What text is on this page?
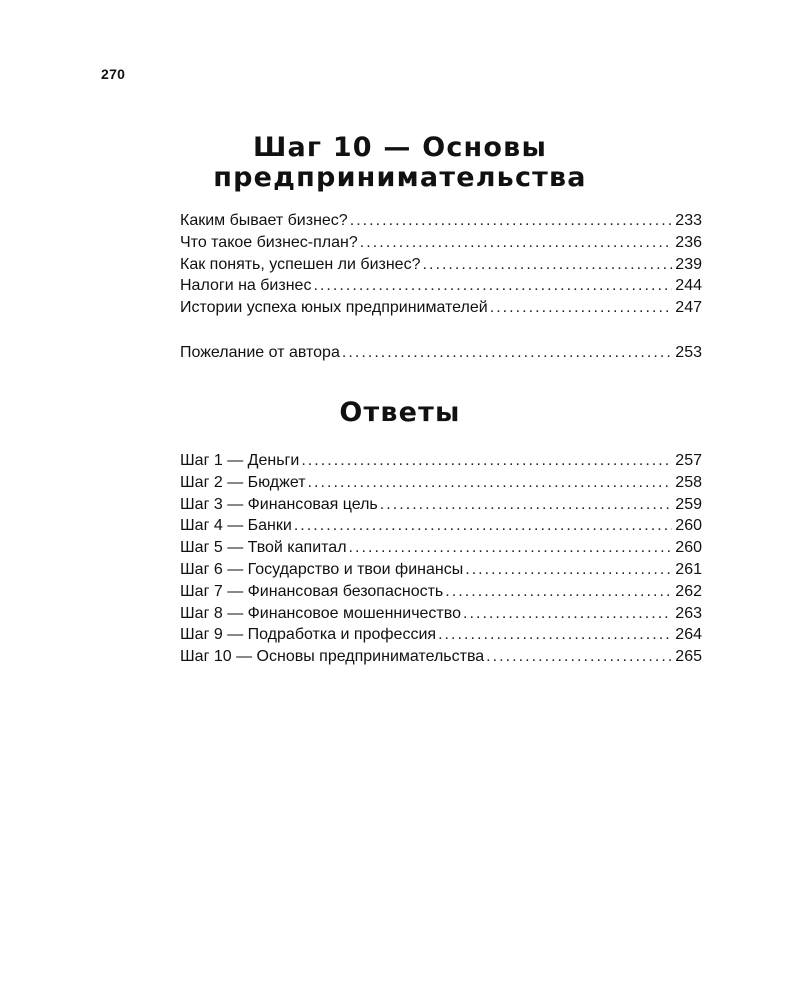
270
Шаг 10 — Основы
предпринимательства
Каким бывает бизнес? . . .	233
Что такое бизнес-план? . . .	236
Как понять, успешен ли бизнес? . . .	239
Налоги на бизнес . . .	244
Истории успеха юных предпринимателей . . .	247
Пожелание от автора . . .	253
Ответы
Шаг 1 — Деньги . . .	257
Шаг 2 — Бюджет . . .	258
Шаг 3 — Финансовая цель . . .	259
Шаг 4 — Банки . . .	260
Шаг 5 — Твой капитал . . .	260
Шаг 6 — Государство и твои финансы . . .	261
Шаг 7 — Финансовая безопасность . . .	262
Шаг 8 — Финансовое мошенничество . . .	263
Шаг 9 — Подработка и профессия . . .	264
Шаг 10 — Основы предпринимательства . . .	265
